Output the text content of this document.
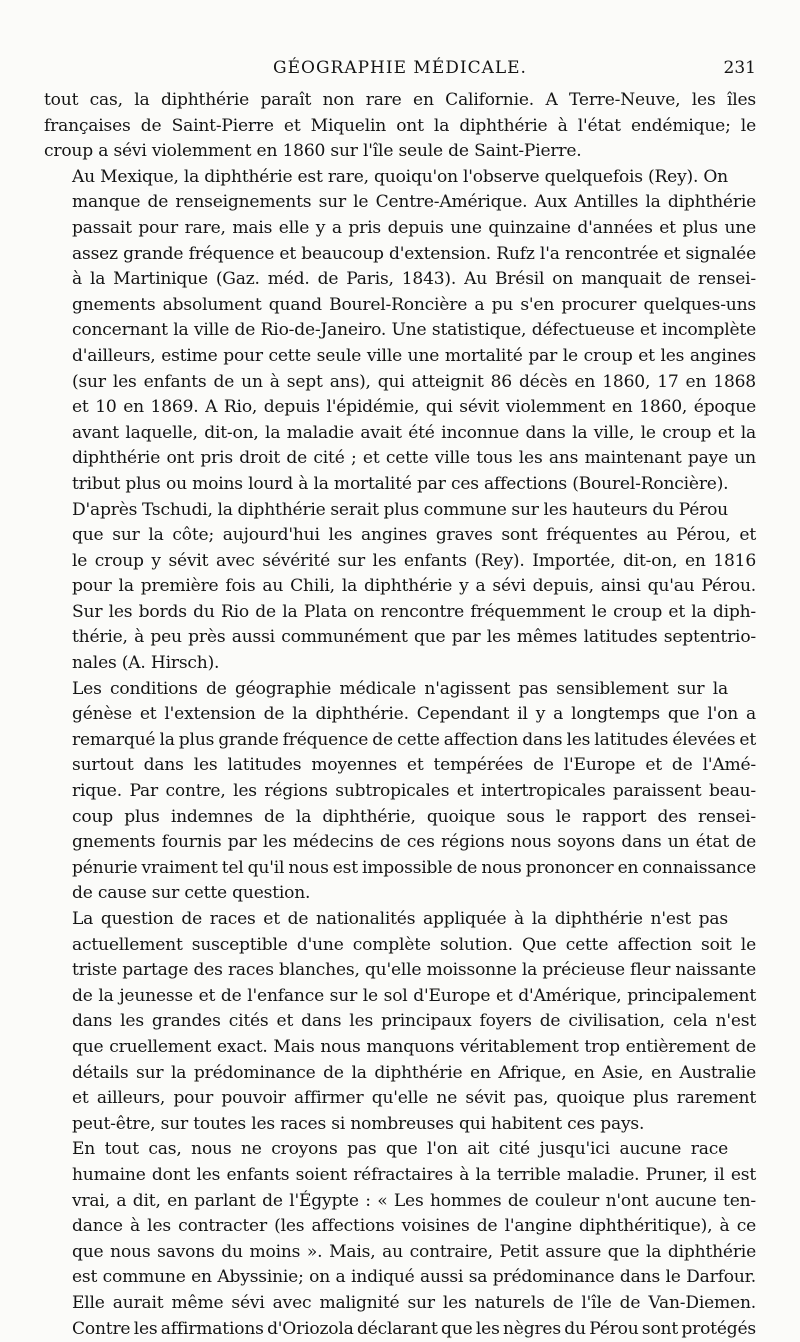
GÉOGRAPHIE MÉDICALE.	231

tout cas, la diphthérie paraît non rare en Californie. A Terre-Neuve, les îles
françaises de Saint-Pierre et Miquelin ont la diphthérie à l'état endémique; le
croup a sévi violemment en 1860 sur l'île seule de Saint-Pierre.

Au Mexique, la diphthérie est rare, quoiqu'on l'observe quelquefois (Rey). On
manque de renseignements sur le Centre-Amérique. Aux Antilles la diphthérie
passait pour rare, mais elle y a pris depuis une quinzaine d'années et plus une
assez grande fréquence et beaucoup d'extension. Rufz l'a rencontrée et signalée
à la Martinique (Gaz. méd. de Paris, 1843). Au Brésil on manquait de rensei-
gnements absolument quand Bourel-Roncière a pu s'en procurer quelques-uns
concernant la ville de Rio-de-Janeiro. Une statistique, défectueuse et incomplète
d'ailleurs, estime pour cette seule ville une mortalité par le croup et les angines
(sur les enfants de un à sept ans), qui atteignit 86 décès en 1860, 17 en 1868
et 10 en 1869. A Rio, depuis l'épidémie, qui sévit violemment en 1860, époque
avant laquelle, dit-on, la maladie avait été inconnue dans la ville, le croup et la
diphthérie ont pris droit de cité ; et cette ville tous les ans maintenant paye un
tribut plus ou moins lourd à la mortalité par ces affections (Bourel-Roncière).

D'après Tschudi, la diphthérie serait plus commune sur les hauteurs du Pérou
que sur la côte; aujourd'hui les angines graves sont fréquentes au Pérou, et
le croup y sévit avec sévérité sur les enfants (Rey). Importée, dit-on, en 1816
pour la première fois au Chili, la diphthérie y a sévi depuis, ainsi qu'au Pérou.
Sur les bords du Rio de la Plata on rencontre fréquemment le croup et la diph-
thérie, à peu près aussi communément que par les mêmes latitudes septentrio-
nales (A. Hirsch).

Les conditions de géographie médicale n'agissent pas sensiblement sur la
génèse et l'extension de la diphthérie. Cependant il y a longtemps que l'on a
remarqué la plus grande fréquence de cette affection dans les latitudes élevées et
surtout dans les latitudes moyennes et tempérées de l'Europe et de l'Amé-
rique. Par contre, les régions subtropicales et intertropicales paraissent beau-
coup plus indemnes de la diphthérie, quoique sous le rapport des rensei-
gnements fournis par les médecins de ces régions nous soyons dans un état de
pénurie vraiment tel qu'il nous est impossible de nous prononcer en connaissance
de cause sur cette question.

La question de races et de nationalités appliquée à la diphthérie n'est pas
actuellement susceptible d'une complète solution. Que cette affection soit le
triste partage des races blanches, qu'elle moissonne la précieuse fleur naissante
de la jeunesse et de l'enfance sur le sol d'Europe et d'Amérique, principalement
dans les grandes cités et dans les principaux foyers de civilisation, cela n'est
que cruellement exact. Mais nous manquons véritablement trop entièrement de
détails sur la prédominance de la diphthérie en Afrique, en Asie, en Australie
et ailleurs, pour pouvoir affirmer qu'elle ne sévit pas, quoique plus rarement
peut-être, sur toutes les races si nombreuses qui habitent ces pays.

En tout cas, nous ne croyons pas que l'on ait cité jusqu'ici aucune race
humaine dont les enfants soient réfractaires à la terrible maladie. Pruner, il est
vrai, a dit, en parlant de l'Égypte : « Les hommes de couleur n'ont aucune ten-
dance à les contracter (les affections voisines de l'angine diphthéritique), à ce
que nous savons du moins ». Mais, au contraire, Petit assure que la diphthérie
est commune en Abyssinie; on a indiqué aussi sa prédominance dans le Darfour.
Elle aurait même sévi avec malignité sur les naturels de l'île de Van-Diemen.
Contre les affirmations d'Oriozola déclarant que les nègres du Pérou sont protégés
